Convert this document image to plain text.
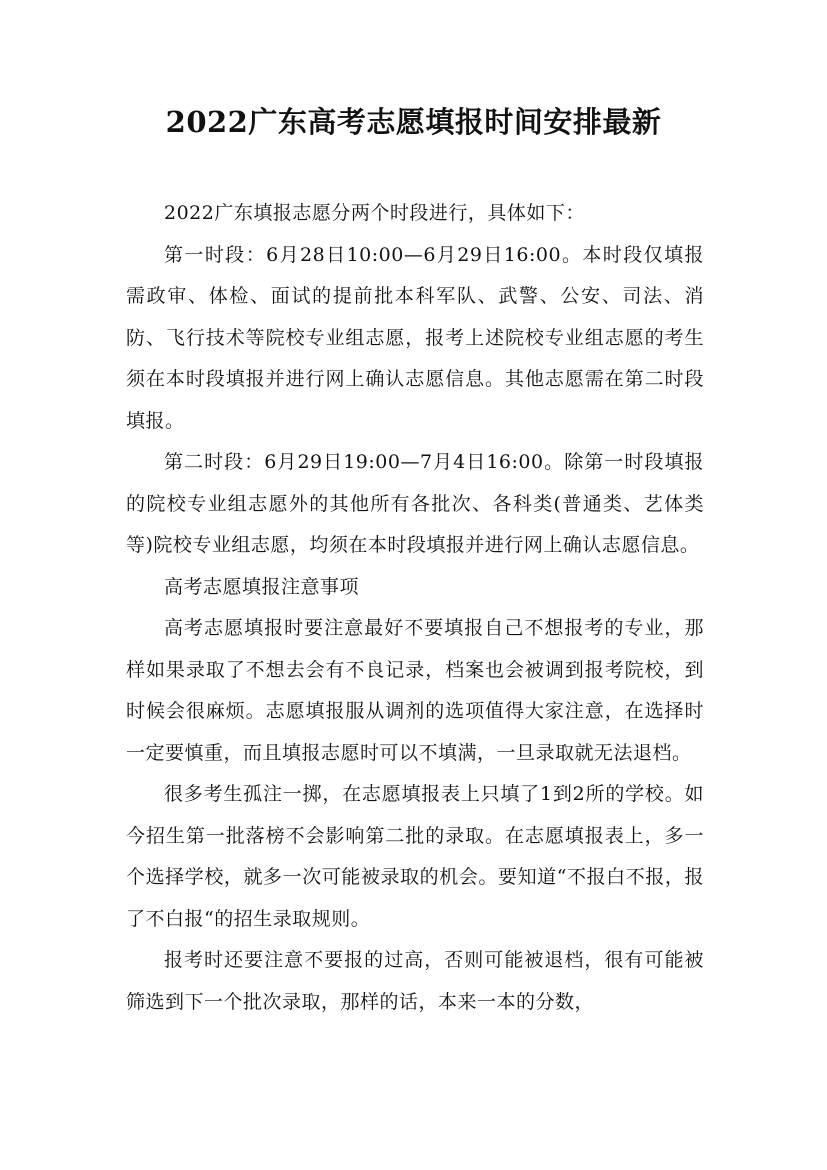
2022广东高考志愿填报时间安排最新

2022广东填报志愿分两个时段进行，具体如下：

第一时段：6月28日10:00—6月29日16:00。本时段仅填报需政审、体检、面试的提前批本科军队、武警、公安、司法、消防、飞行技术等院校专业组志愿，报考上述院校专业组志愿的考生须在本时段填报并进行网上确认志愿信息。其他志愿需在第二时段填报。

第二时段：6月29日19:00—7月4日16:00。除第一时段填报的院校专业组志愿外的其他所有各批次、各科类(普通类、艺体类等)院校专业组志愿，均须在本时段填报并进行网上确认志愿信息。

高考志愿填报注意事项

高考志愿填报时要注意最好不要填报自己不想报考的专业，那样如果录取了不想去会有不良记录，档案也会被调到报考院校，到时候会很麻烦。志愿填报服从调剂的选项值得大家注意，在选择时一定要慎重，而且填报志愿时可以不填满，一旦录取就无法退档。

很多考生孤注一掷，在志愿填报表上只填了1到2所的学校。如今招生第一批落榜不会影响第二批的录取。在志愿填报表上，多一个选择学校，就多一次可能被录取的机会。要知道“不报白不报，报了不白报“的招生录取规则。

报考时还要注意不要报的过高，否则可能被退档，很有可能被筛选到下一个批次录取，那样的话，本来一本的分数，
